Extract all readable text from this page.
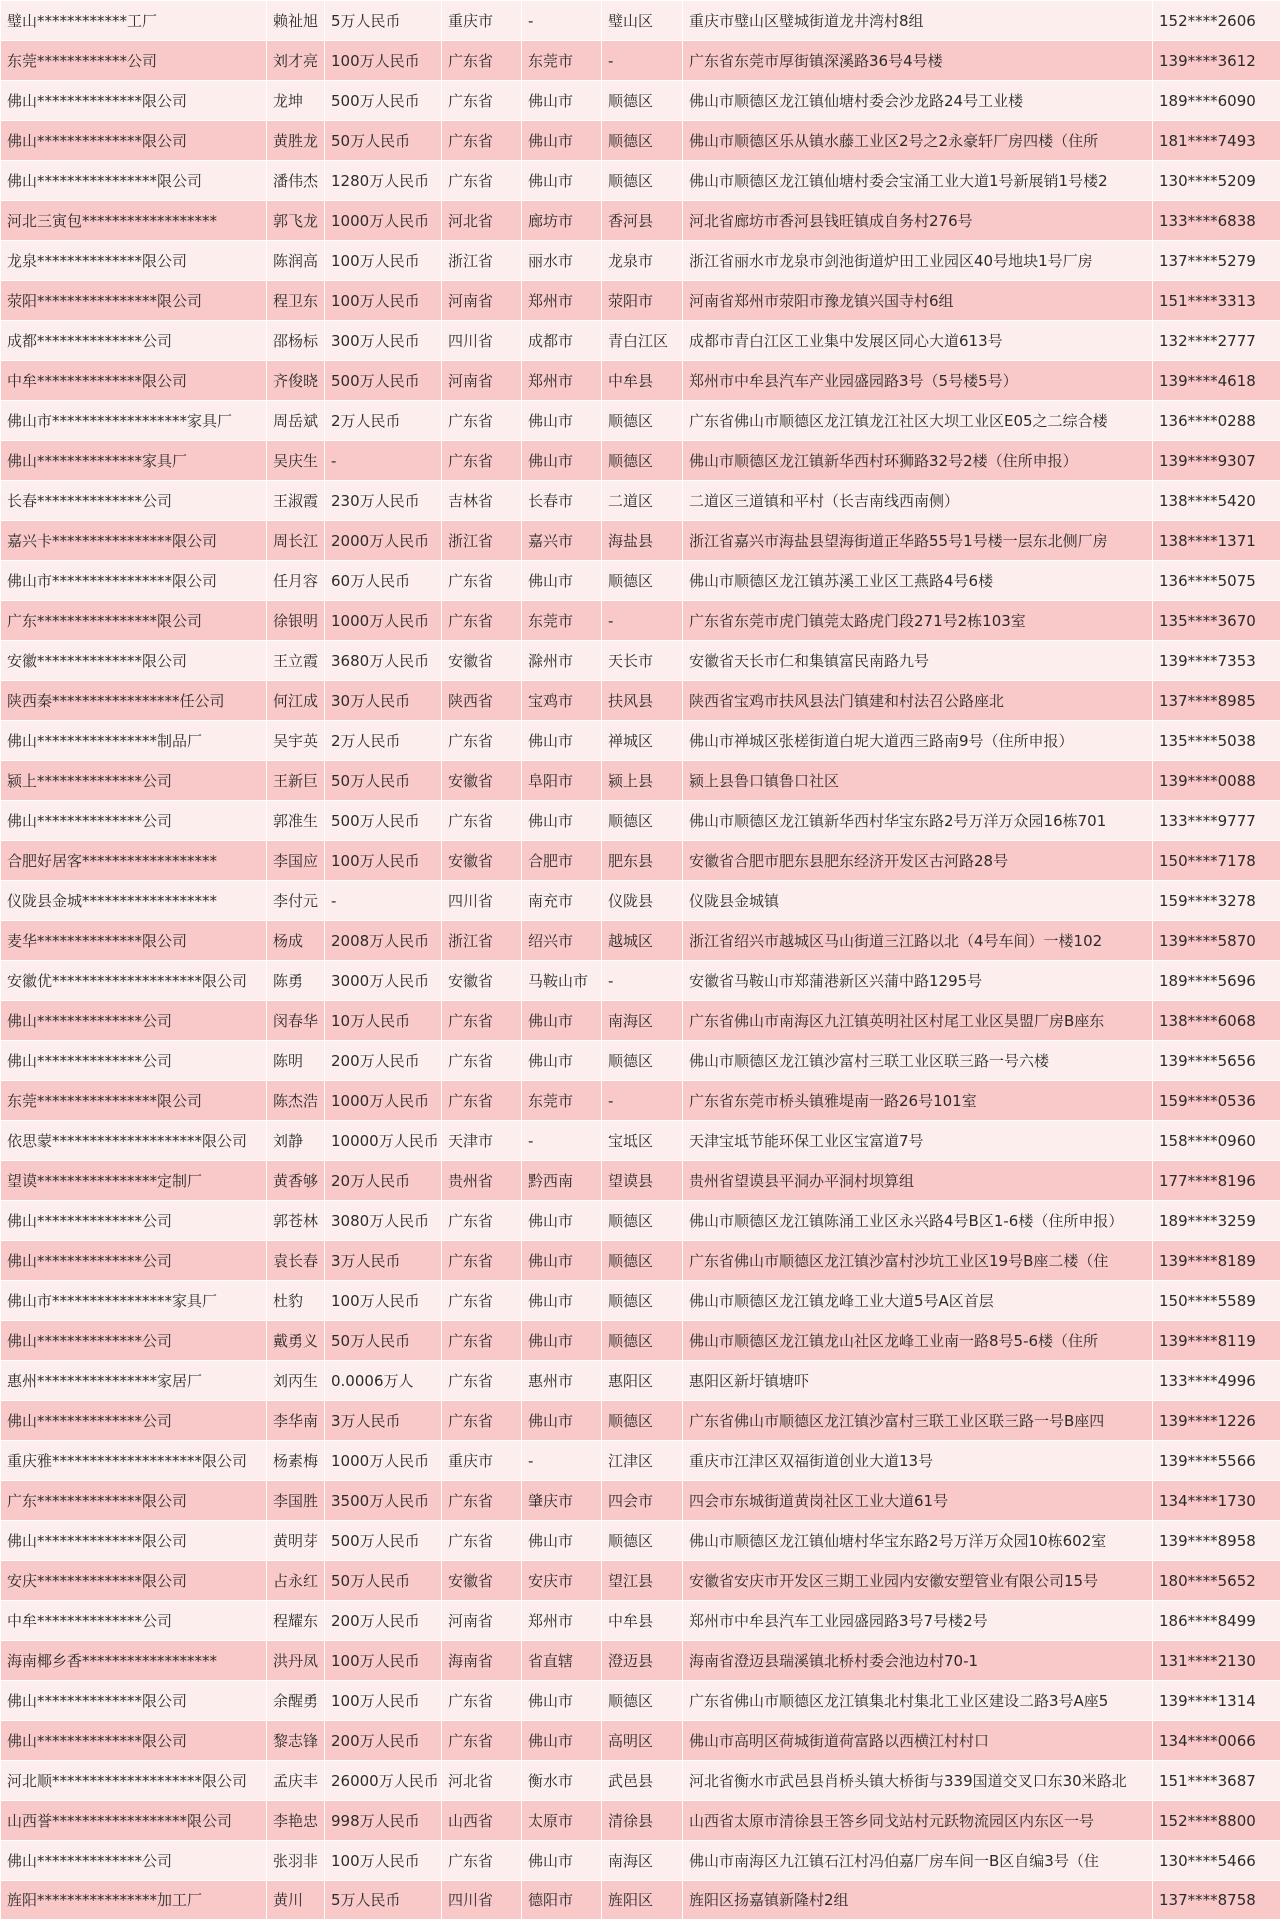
璧山************工厂	赖祉旭	5万人民币	重庆市	-	璧山区	重庆市璧山区璧城街道龙井湾村8组	152****2606
东莞************公司	刘才亮	100万人民币	广东省	东莞市	-	广东省东莞市厚街镇深溪路36号4号楼	139****3612
佛山**************限公司	龙坤	500万人民币	广东省	佛山市	顺德区	佛山市顺德区龙江镇仙塘村委会沙龙路24号工业楼	189****6090
佛山**************限公司	黄胜龙	50万人民币	广东省	佛山市	顺德区	佛山市顺德区乐从镇水藤工业区2号之2永豪轩厂房四楼（住所	181****7493
佛山****************限公司	潘伟杰	1280万人民币	广东省	佛山市	顺德区	佛山市顺德区龙江镇仙塘村委会宝涌工业大道1号新展销1号楼2	130****5209
河北三寅包******************	郭飞龙	1000万人民币	河北省	廊坊市	香河县	河北省廊坊市香河县钱旺镇成自务村276号	133****6838
龙泉**************限公司	陈润高	100万人民币	浙江省	丽水市	龙泉市	浙江省丽水市龙泉市剑池街道炉田工业园区40号地块1号厂房	137****5279
荥阳****************限公司	程卫东	100万人民币	河南省	郑州市	荥阳市	河南省郑州市荥阳市豫龙镇兴国寺村6组	151****3313
成都**************公司	邵杨标	300万人民币	四川省	成都市	青白江区	成都市青白江区工业集中发展区同心大道613号	132****2777
中牟**************限公司	齐俊晓	500万人民币	河南省	郑州市	中牟县	郑州市中牟县汽车产业园盛园路3号（5号楼5号）	139****4618
佛山市******************家具厂	周岳斌	2万人民币	广东省	佛山市	顺德区	广东省佛山市顺德区龙江镇龙江社区大坝工业区E05之二综合楼	136****0288
佛山**************家具厂	吴庆生	-	广东省	佛山市	顺德区	佛山市顺德区龙江镇新华西村环狮路32号2楼（住所申报）	139****9307
长春**************公司	王淑霞	230万人民币	吉林省	长春市	二道区	二道区三道镇和平村（长吉南线西南侧）	138****5420
嘉兴卡****************限公司	周长江	2000万人民币	浙江省	嘉兴市	海盐县	浙江省嘉兴市海盐县望海街道正华路55号1号楼一层东北侧厂房	138****1371
佛山市****************限公司	任月容	60万人民币	广东省	佛山市	顺德区	佛山市顺德区龙江镇苏溪工业区工燕路4号6楼	136****5075
广东****************限公司	徐银明	1000万人民币	广东省	东莞市	-	广东省东莞市虎门镇莞太路虎门段271号2栋103室	135****3670
安徽**************限公司	王立霞	3680万人民币	安徽省	滁州市	天长市	安徽省天长市仁和集镇富民南路九号	139****7353
陕西秦*****************任公司	何江成	30万人民币	陕西省	宝鸡市	扶风县	陕西省宝鸡市扶风县法门镇建和村法召公路座北	137****8985
佛山****************制品厂	吴宇英	2万人民币	广东省	佛山市	禅城区	佛山市禅城区张槎街道白坭大道西三路南9号（住所申报）	135****5038
颍上**************公司	王新巨	50万人民币	安徽省	阜阳市	颍上县	颍上县鲁口镇鲁口社区	139****0088
佛山**************公司	郭准生	500万人民币	广东省	佛山市	顺德区	佛山市顺德区龙江镇新华西村华宝东路2号万洋万众园16栋701	133****9777
合肥好居客******************	李国应	100万人民币	安徽省	合肥市	肥东县	安徽省合肥市肥东县肥东经济开发区古河路28号	150****7178
仪陇县金城******************	李付元	-	四川省	南充市	仪陇县	仪陇县金城镇	159****3278
麦华**************限公司	杨成	2008万人民币	浙江省	绍兴市	越城区	浙江省绍兴市越城区马山街道三江路以北（4号车间）一楼102	139****5870
安徽优********************限公司	陈勇	3000万人民币	安徽省	马鞍山市	-	安徽省马鞍山市郑蒲港新区兴蒲中路1295号	189****5696
佛山**************公司	闵春华	10万人民币	广东省	佛山市	南海区	广东省佛山市南海区九江镇英明社区村尾工业区昊盟厂房B座东	138****6068
佛山**************公司	陈明	200万人民币	广东省	佛山市	顺德区	佛山市顺德区龙江镇沙富村三联工业区联三路一号六楼	139****5656
东莞****************限公司	陈杰浩	1000万人民币	广东省	东莞市	-	广东省东莞市桥头镇雅堤南一路26号101室	159****0536
依思蒙********************限公司	刘静	10000万人民币	天津市	-	宝坻区	天津宝坻节能环保工业区宝富道7号	158****0960
望谟****************定制厂	黄香够	20万人民币	贵州省	黔西南	望谟县	贵州省望谟县平洞办平洞村坝算组	177****8196
佛山**************公司	郭苍林	3080万人民币	广东省	佛山市	顺德区	佛山市顺德区龙江镇陈涌工业区永兴路4号B区1-6楼（住所申报）	189****3259
佛山**************公司	袁长春	3万人民币	广东省	佛山市	顺德区	广东省佛山市顺德区龙江镇沙富村沙坑工业区19号B座二楼（住	139****8189
佛山市****************家具厂	杜豹	100万人民币	广东省	佛山市	顺德区	佛山市顺德区龙江镇龙峰工业大道5号A区首层	150****5589
佛山**************公司	戴勇义	50万人民币	广东省	佛山市	顺德区	佛山市顺德区龙江镇龙山社区龙峰工业南一路8号5-6楼（住所	139****8119
惠州****************家居厂	刘丙生	0.0006万人	广东省	惠州市	惠阳区	惠阳区新圩镇塘吓	133****4996
佛山**************公司	李华南	3万人民币	广东省	佛山市	顺德区	广东省佛山市顺德区龙江镇沙富村三联工业区联三路一号B座四	139****1226
重庆雅********************限公司	杨素梅	1000万人民币	重庆市	-	江津区	重庆市江津区双福街道创业大道13号	139****5566
广东**************限公司	李国胜	3500万人民币	广东省	肇庆市	四会市	四会市东城街道黄岗社区工业大道61号	134****1730
佛山**************限公司	黄明芽	500万人民币	广东省	佛山市	顺德区	佛山市顺德区龙江镇仙塘村华宝东路2号万洋万众园10栋602室	139****8958
安庆**************限公司	占永红	50万人民币	安徽省	安庆市	望江县	安徽省安庆市开发区三期工业园内安徽安塑管业有限公司15号	180****5652
中牟**************公司	程耀东	200万人民币	河南省	郑州市	中牟县	郑州市中牟县汽车工业园盛园路3号7号楼2号	186****8499
海南椰乡香******************	洪丹凤	100万人民币	海南省	省直辖	澄迈县	海南省澄迈县瑞溪镇北桥村委会池边村70-1	131****2130
佛山**************限公司	余醒勇	100万人民币	广东省	佛山市	顺德区	广东省佛山市顺德区龙江镇集北村集北工业区建设二路3号A座5	139****1314
佛山**************限公司	黎志锋	200万人民币	广东省	佛山市	高明区	佛山市高明区荷城街道荷富路以西横江村村口	134****0066
河北顺********************限公司	孟庆丰	26000万人民币	河北省	衡水市	武邑县	河北省衡水市武邑县肖桥头镇大桥街与339国道交叉口东30米路北	151****3687
山西誉******************限公司	李艳忠	998万人民币	山西省	太原市	清徐县	山西省太原市清徐县王答乡同戈站村元跃物流园区内东区一号	152****8800
佛山**************公司	张羽非	100万人民币	广东省	佛山市	南海区	佛山市南海区九江镇石江村冯伯嘉厂房车间一B区自编3号（住	130****5466
旌阳****************加工厂	黄川	5万人民币	四川省	德阳市	旌阳区	旌阳区扬嘉镇新隆村2组	137****8758
